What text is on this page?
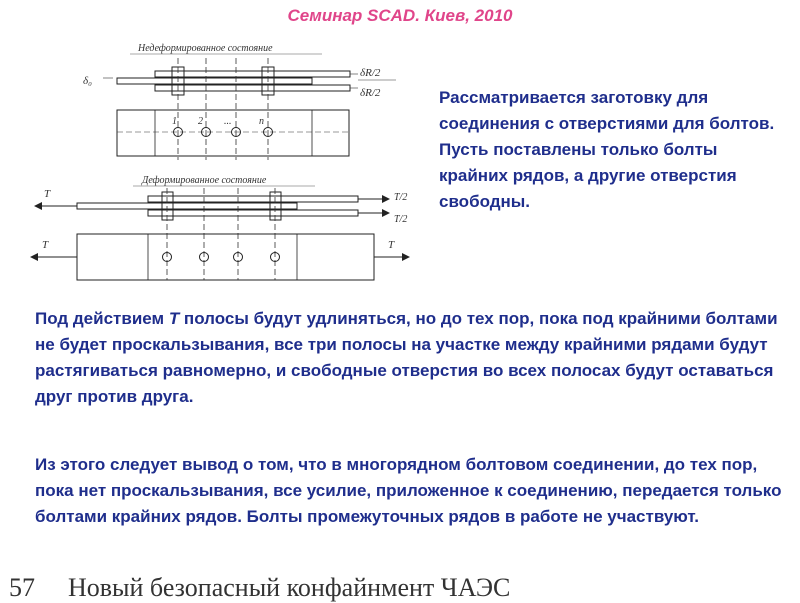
Семинар SCAD. Киев, 2010
Недеформированное состояние
δ₀
δR/2
δR/2
1 2 ...	n
Деформированное состояние
T	T/2
T/2
T	T
Рассматривается заготовку для соединения с отверстиями для болтов. Пусть поставлены только болты крайних рядов, а другие отверстия свободны.
Под действием T полосы будут удлиняться, но до тех пор, пока под крайними болтами не будет проскальзывания, все три полосы на участке между крайними рядами будут растягиваться равномерно, и свободные отверстия во всех полосах будут оставаться друг против друга.
Из этого следует вывод о том, что в многорядном болтовом соединении, до тех пор, пока нет проскальзывания, все усилие, приложенное к соединению, передается только болтами крайних рядов. Болты промежуточных рядов в работе не участвуют.
57 Новый безопасный конфайнмент ЧАЭС
